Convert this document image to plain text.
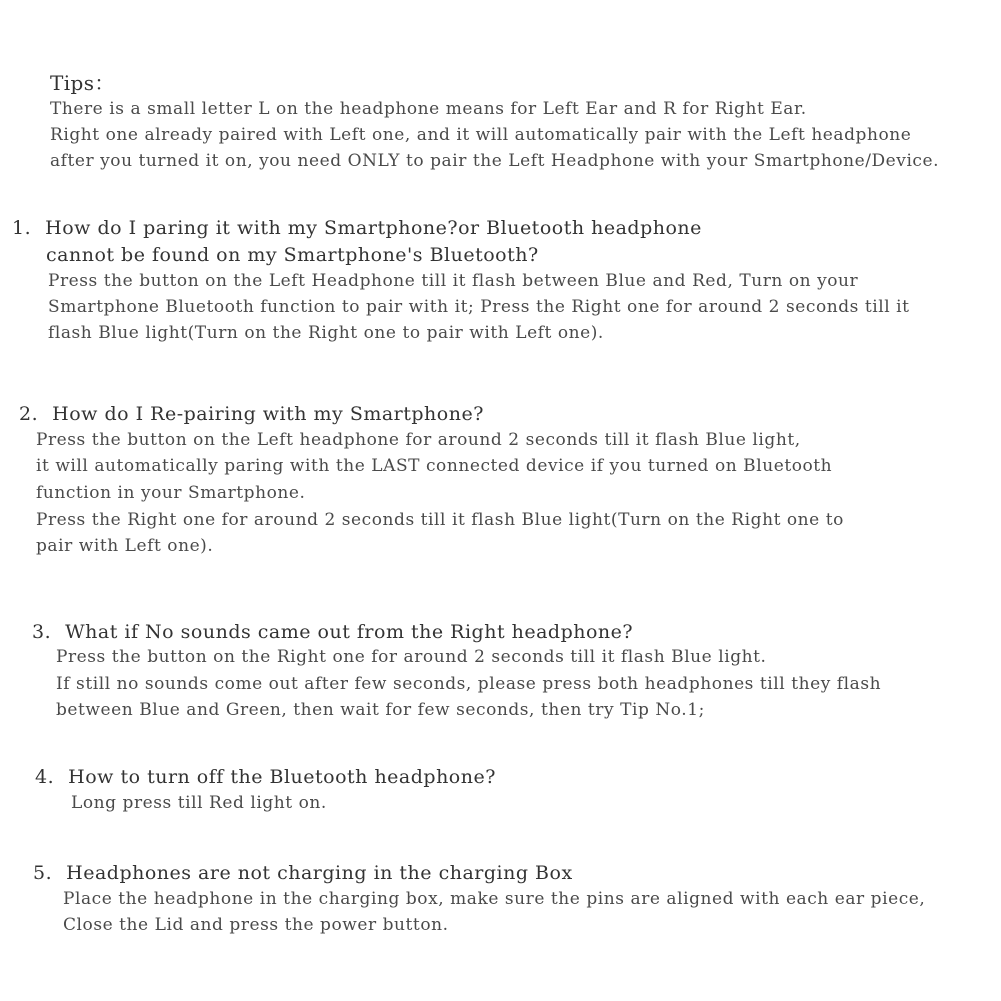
Tips：
There is a small letter L on the headphone means for Left Ear and R for Right Ear.
Right one already paired with Left one, and it will automatically pair with the Left headphone
after you turned it on, you need ONLY to pair the Left Headphone with your Smartphone/Device.
1. How do I paring it with my Smartphone?or Bluetooth headphone
cannot be found on my Smartphone's Bluetooth?
Press the button on the Left Headphone till it flash between Blue and Red, Turn on your
Smartphone Bluetooth function to pair with it; Press the Right one for around 2 seconds till it
flash Blue light(Turn on the Right one to pair with Left one).
2. How do I Re-pairing with my Smartphone?
Press the button on the Left headphone for around 2 seconds till it flash Blue light,
it will automatically paring with the LAST connected device if you turned on Bluetooth
function in your Smartphone.
Press the Right one for around 2 seconds till it flash Blue light(Turn on the Right one to
pair with Left one).
3. What if No sounds came out from the Right headphone?
Press the button on the Right one for around 2 seconds till it flash Blue light.
If still no sounds come out after few seconds, please press both headphones till they flash
between Blue and Green, then wait for few seconds, then try Tip No.1;
4. How to turn off the Bluetooth headphone?
Long press till Red light on.
5. Headphones are not charging in the charging Box
Place the headphone in the charging box, make sure the pins are aligned with each ear piece,
Close the Lid and press the power button.
